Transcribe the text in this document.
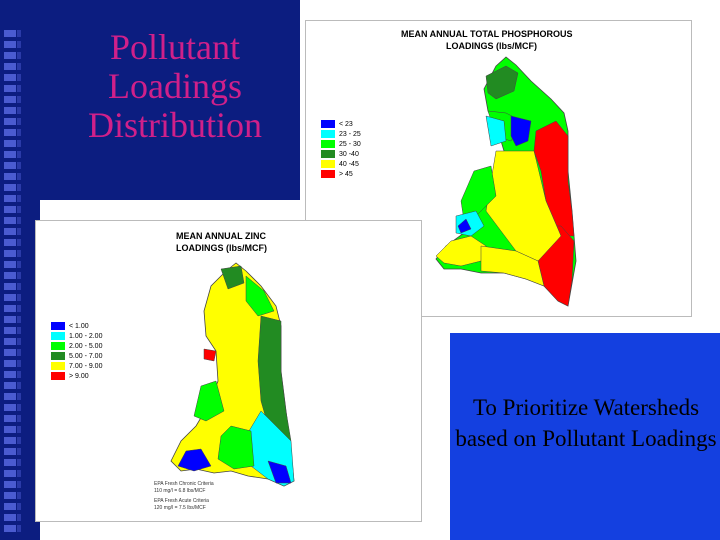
Pollutant Loadings Distribution
MEAN ANNUAL TOTAL PHOSPHOROUS
LOADINGS (lbs/MCF)
< 23
23 - 25
25 - 30
30 -40
40 -45
> 45
MEAN ANNUAL ZINC
LOADINGS (lbs/MCF)
< 1.00
1.00 - 2.00
2.00 - 5.00
5.00 - 7.00
7.00 - 9.00
> 9.00
EPA Fresh Chronic Criteria
110 mg/l = 6.8 lbs/MCF
EPA Fresh Acute Criteria
120 mg/l = 7.5 lbs/MCF
To Prioritize Watersheds based on Pollutant Loadings
